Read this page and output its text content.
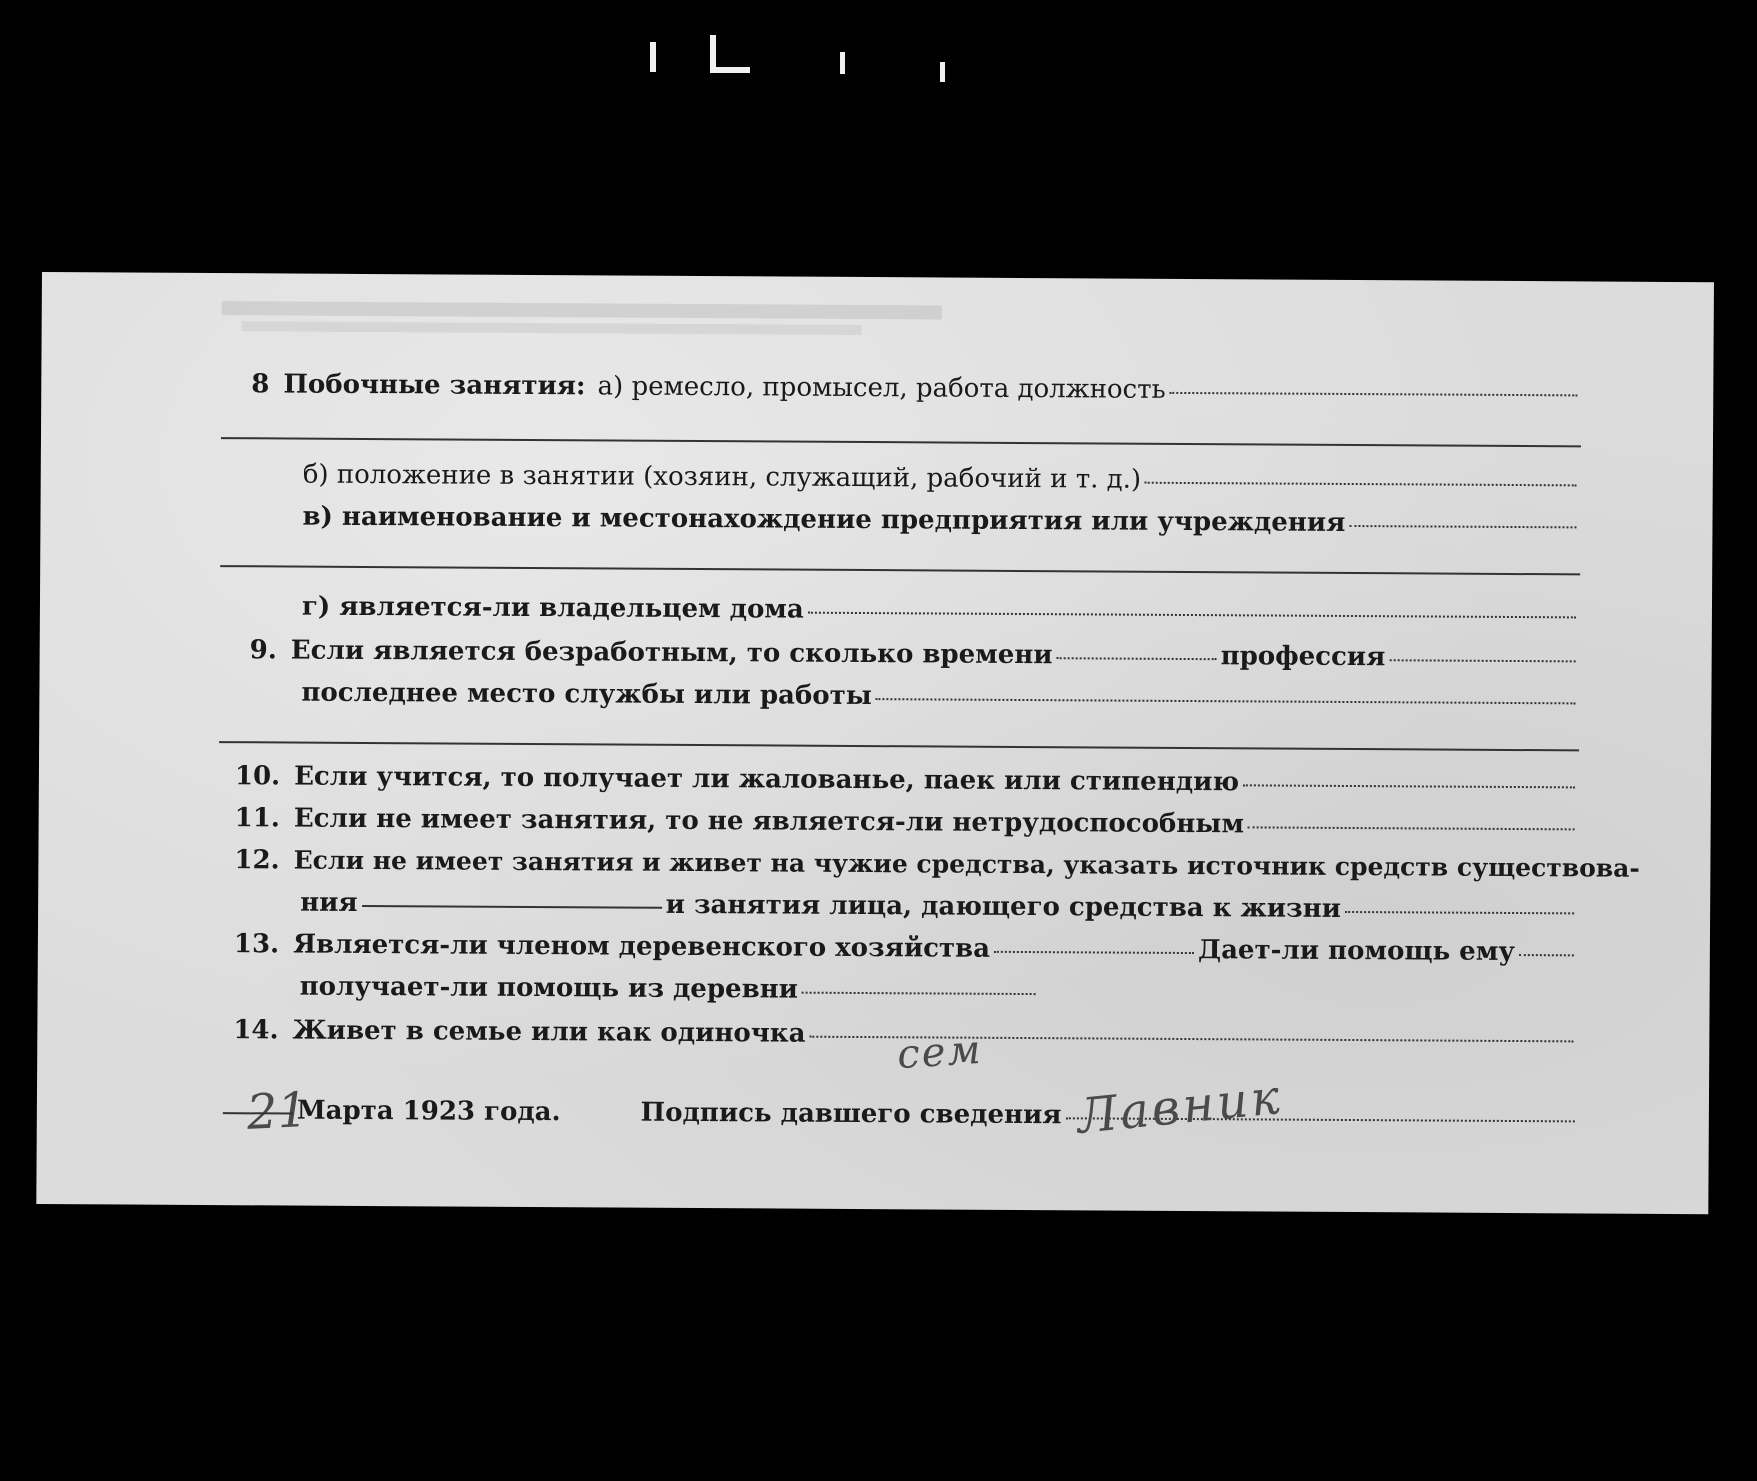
8 Побочные занятия: а) ремесло, промысел, работа должность
б) положение в занятии (хозяин, служащий, рабочий и т. д.)
в) наименование и местонахождение предприятия или учреждения
г) является-ли владельцем дома
9. Если является безработным, то сколько времени	профессия
последнее место службы или работы
10. Если учится, то получает ли жалованье, паек или стипендию
11. Если не имеет занятия, то не является-ли нетрудоспособным
12. Если не имеет занятия и живет на чужие средства, указать источник средств существова-
ния	и занятия лица, дающего средства к жизни
13. Является-ли членом деревенского хозяйства	Дает-ли помощь ему
получает-ли помощь из деревни
14. Живет в семье или как одиночка сем
21
Марта 1923 года.	Подпись давшего сведения Лавник
